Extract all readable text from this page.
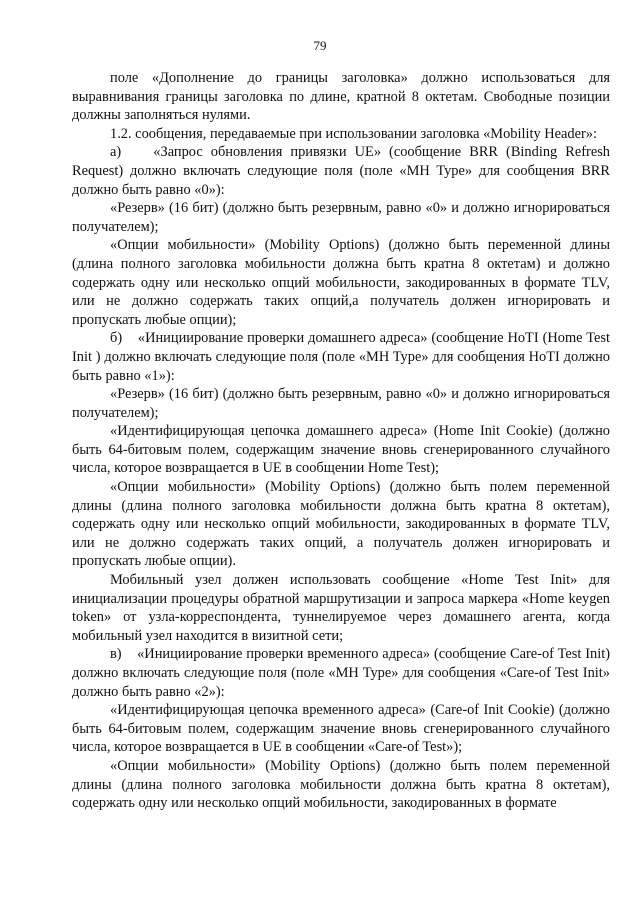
79

поле «Дополнение до границы заголовка» должно использоваться для выравнивания границы заголовка по длине, кратной 8 октетам. Свободные позиции должны заполняться нулями.

1.2. сообщения, передаваемые при использовании заголовка «Mobility Header»:

а)    «Запрос обновления привязки UE» (сообщение BRR (Binding Refresh Request) должно включать следующие поля (поле «MH Type» для сообщения BRR должно быть равно «0»):

«Резерв» (16 бит) (должно быть резервным, равно «0» и должно игнорироваться получателем);

«Опции мобильности» (Mobility Options) (должно быть переменной длины (длина полного заголовка мобильности должна быть кратна 8 октетам) и должно содержать одну или несколько опций мобильности, закодированных в формате TLV, или не должно содержать таких опций,а получатель должен игнорировать и пропускать любые опции);

б)    «Инициирование проверки домашнего адреса» (сообщение HoTI (Home Test Init ) должно включать следующие поля (поле «MH Type» для сообщения HoTI должно быть равно «1»):

«Резерв» (16 бит) (должно быть резервным, равно «0» и должно игнорироваться получателем);

«Идентифицирующая цепочка домашнего адреса» (Home Init Cookie) (должно быть 64-битовым полем, содержащим значение вновь сгенерированного случайного числа, которое возвращается в UE в сообщении Home Test);

«Опции мобильности» (Mobility Options) (должно быть полем переменной длины (длина полного заголовка мобильности должна быть кратна 8 октетам), содержать одну или несколько опций мобильности, закодированных в формате TLV, или не должно содержать таких опций, а получатель должен игнорировать и пропускать любые опции).

Мобильный узел должен использовать сообщение «Home Test Init» для инициализации процедуры обратной маршрутизации и запроса маркера «Home keygen token» от узла-корреспондента, туннелируемое через домашнего агента, когда мобильный узел находится в визитной сети;

в)    «Инициирование проверки временного адреса» (сообщение Care-of Test Init) должно включать следующие поля (поле «MH Type» для сообщения «Care-of Test Init» должно быть равно «2»):

«Идентифицирующая цепочка временного адреса» (Care-of Init Cookie) (должно быть 64-битовым полем, содержащим значение вновь сгенерированного случайного числа, которое возвращается в UE в сообщении «Care-of Test»);

«Опции мобильности» (Mobility Options) (должно быть полем переменной длины (длина полного заголовка мобильности должна быть кратна 8 октетам), содержать одну или несколько опций мобильности, закодированных в формате
